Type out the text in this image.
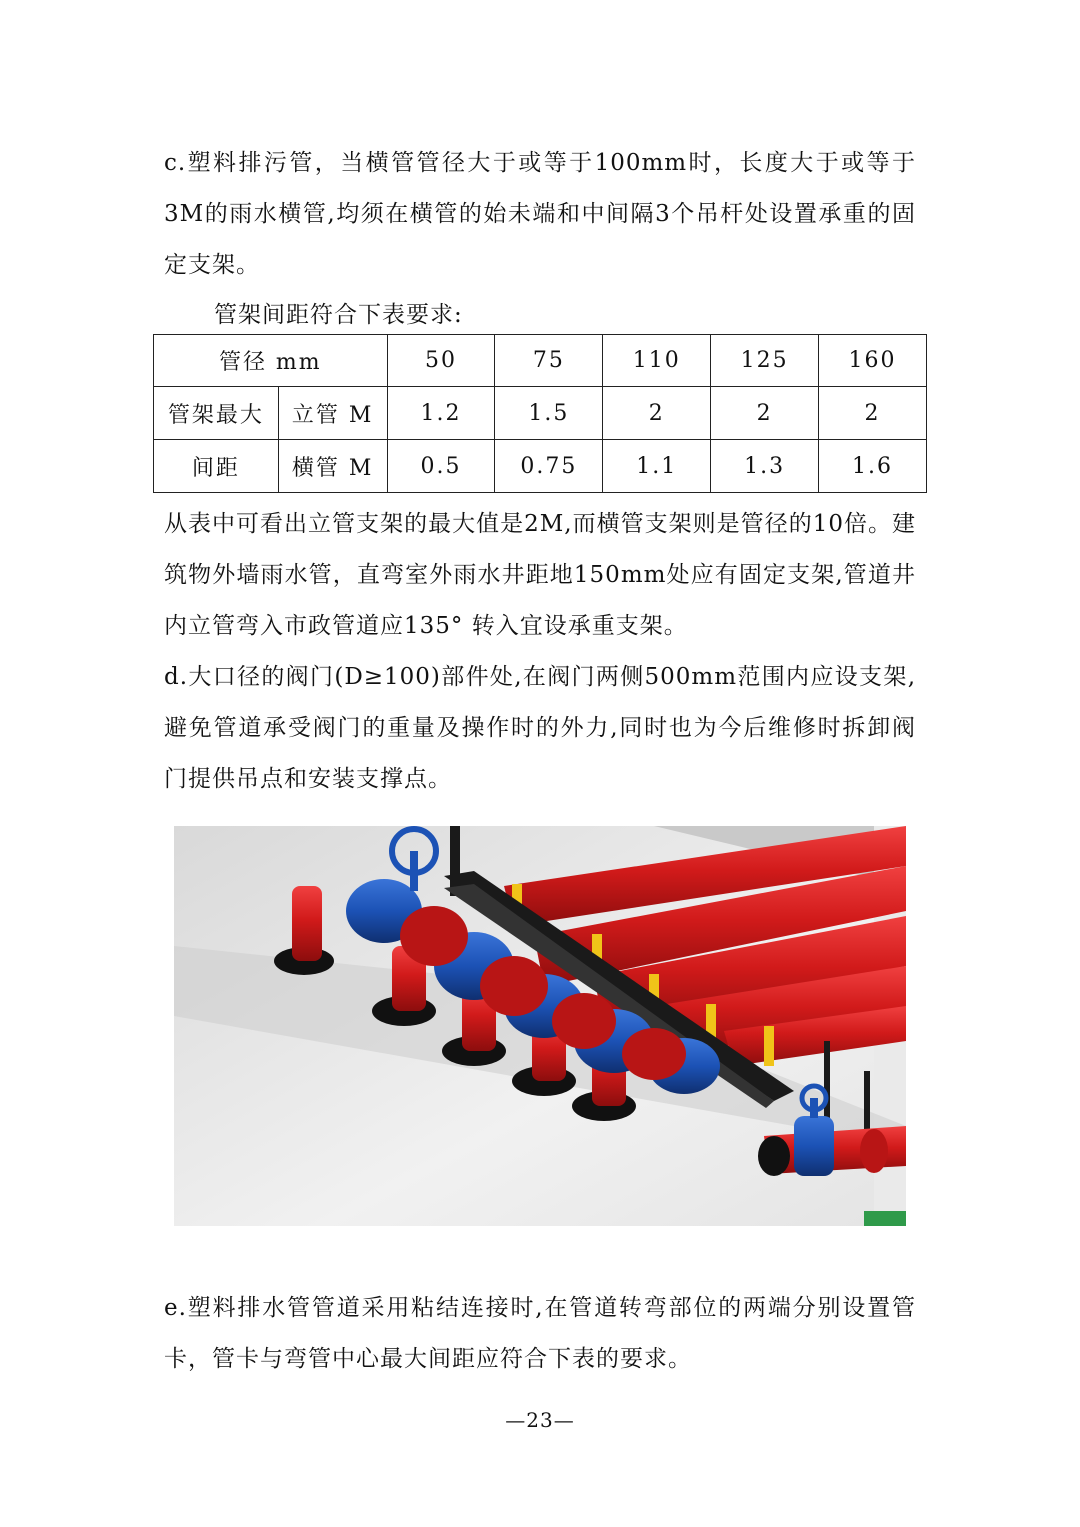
c.塑料排污管，当横管管径大于或等于100mm时，长度大于或等于3M的雨水横管,均须在横管的始未端和中间隔3个吊杆处设置承重的固定支架。

管架间距符合下表要求:

管径 mm		50	75	110	125	160
管架最大	立管 M	1.2	1.5	2	2	2
间距	横管 M	0.5	0.75	1.1	1.3	1.6

从表中可看出立管支架的最大值是2M,而横管支架则是管径的10倍。建筑物外墙雨水管，直弯室外雨水井距地150mm处应有固定支架,管道井内立管弯入市政管道应135° 转入宜设承重支架。

d.大口径的阀门(D≥100)部件处,在阀门两侧500mm范围内应设支架,避免管道承受阀门的重量及操作时的外力,同时也为今后维修时拆卸阀门提供吊点和安装支撑点。

e.塑料排水管管道采用粘结连接时,在管道转弯部位的两端分别设置管卡，管卡与弯管中心最大间距应符合下表的要求。

—23—
